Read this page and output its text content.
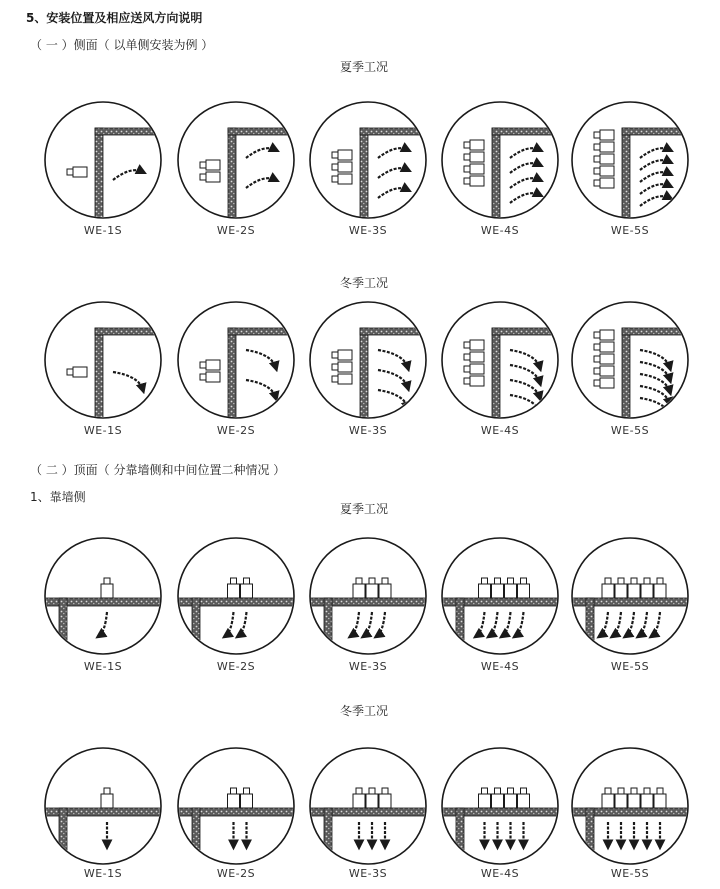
5、安装位置及相应送风方向说明
（ 一 ）侧面（ 以单侧安装为例 ）
夏季工况
冬季工况
（ 二 ）顶面（ 分靠墙侧和中间位置二种情况 ）
1、靠墙侧
夏季工况
冬季工况
WE-1S	WE-2S	WE-3S	WE-4S	WE-5S
WE-1S	WE-2S	WE-3S	WE-4S	WE-5S
WE-1S	WE-2S	WE-3S	WE-4S	WE-5S
WE-1S	WE-2S	WE-3S	WE-4S	WE-5S
